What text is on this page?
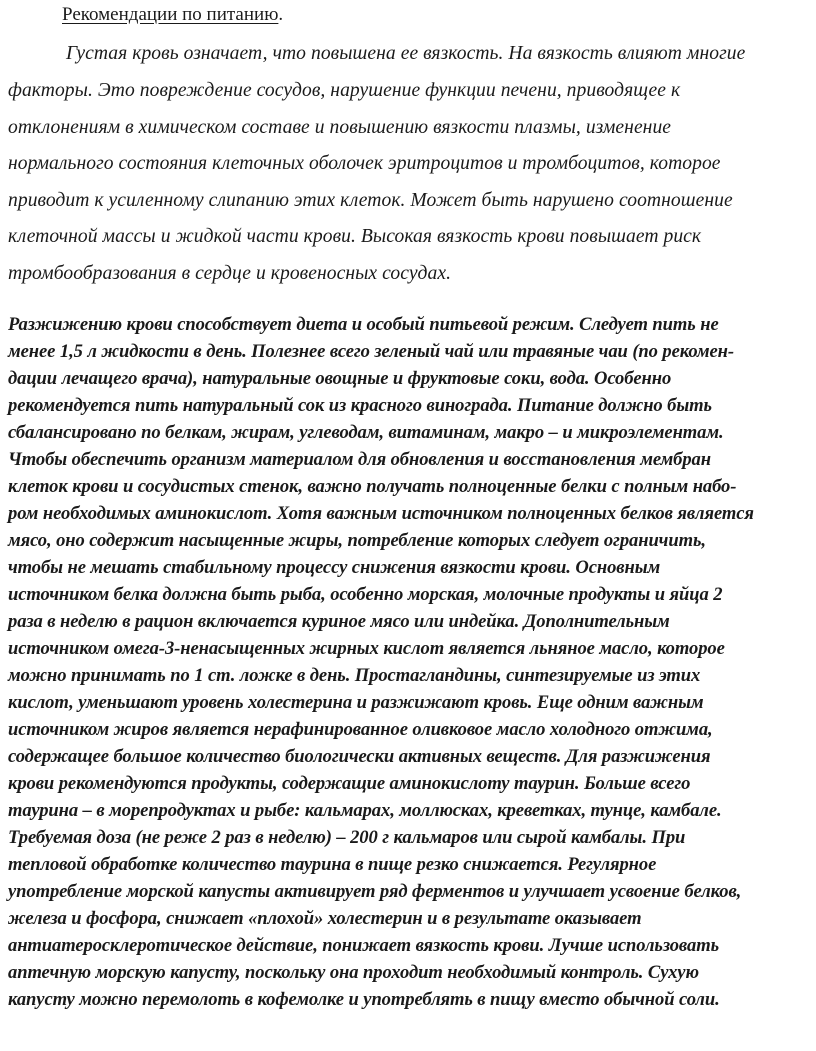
Рекомендации по питанию.
Густая кровь означает, что повышена ее вязкость. На вязкость влияют многие
факторы. Это повреждение сосудов, нарушение функции печени, приводящее к
отклонениям в химическом составе и повышению вязкости плазмы, изменение
нормального состояния клеточных оболочек эритроцитов и тромбоцитов, которое
приводит к усиленному слипанию этих клеток. Может быть нарушено соотношение
клеточной массы и жидкой части крови. Высокая вязкость крови повышает риск
тромбообразования в сердце и кровеносных сосудах.
Разжижению крови способствует диета и особый питьевой режим. Следует пить не
менее 1,5 л жидкости в день. Полезнее всего зеленый чай или травяные чаи (по рекомен-
дации лечащего врача), натуральные овощные и фруктовые соки, вода. Особенно
рекомендуется пить натуральный сок из красного винограда. Питание должно быть
сбалансировано по белкам, жирам, углеводам, витаминам, макро – и микроэлементам.
Чтобы обеспечить организм материалом для обновления и восстановления мембран
клеток крови и сосудистых стенок, важно получать полноценные белки с полным набо-
ром необходимых аминокислот. Хотя важным источником полноценных белков является
мясо, оно содержит насыщенные жиры, потребление которых следует ограничить,
чтобы не мешать стабильному процессу снижения вязкости крови. Основным
источником белка должна быть рыба, особенно морская, молочные продукты и яйца 2
раза в неделю в рацион включается куриное мясо или индейка. Дополнительным
источником омега-3-ненасыщенных жирных кислот является льняное масло, которое
можно принимать по 1 ст. ложке в день. Простагландины, синтезируемые из этих
кислот, уменьшают уровень холестерина и разжижают кровь. Еще одним важным
источником жиров является нерафинированное оливковое масло холодного отжима,
содержащее большое количество биологически активных веществ. Для разжижения
крови рекомендуются продукты, содержащие аминокислоту таурин. Больше всего
таурина – в морепродуктах и рыбе: кальмарах, моллюсках, креветках, тунце, камбале.
Требуемая доза (не реже 2 раз в неделю) – 200 г кальмаров или сырой камбалы. При
тепловой обработке количество таурина в пище резко снижается. Регулярное
употребление морской капусты активирует ряд ферментов и улучшает усвоение белков,
железа и фосфора, снижает «плохой» холестерин и в результате оказывает
антиатеросклеротическое действие, понижает вязкость крови. Лучше использовать
аптечную морскую капусту, поскольку она проходит необходимый контроль. Сухую
капусту можно перемолоть в кофемолке и употреблять в пищу вместо обычной соли.
